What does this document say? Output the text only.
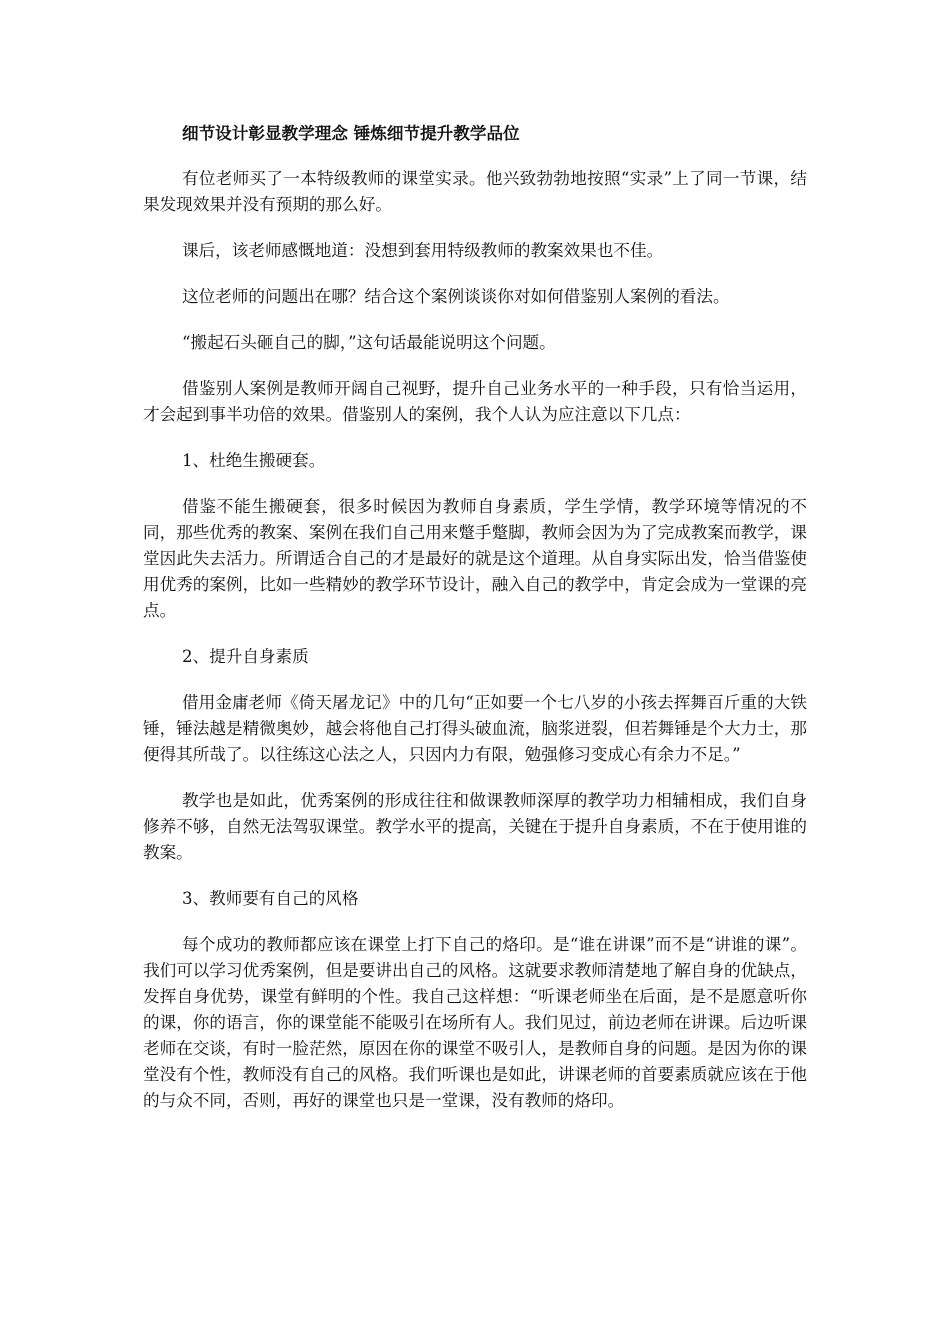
细节设计彰显教学理念 锤炼细节提升教学品位

有位老师买了一本特级教师的课堂实录。他兴致勃勃地按照“实录”上了同一节课，结果发现效果并没有预期的那么好。

课后，该老师感慨地道：没想到套用特级教师的教案效果也不佳。

这位老师的问题出在哪？结合这个案例谈谈你对如何借鉴别人案例的看法。

“搬起石头砸自己的脚，”这句话最能说明这个问题。

借鉴别人案例是教师开阔自己视野，提升自己业务水平的一种手段，只有恰当运用，才会起到事半功倍的效果。借鉴别人的案例，我个人认为应注意以下几点：

1、杜绝生搬硬套。

借鉴不能生搬硬套，很多时候因为教师自身素质，学生学情，教学环境等情况的不同，那些优秀的教案、案例在我们自己用来蹩手蹩脚，教师会因为为了完成教案而教学，课堂因此失去活力。所谓适合自己的才是最好的就是这个道理。从自身实际出发，恰当借鉴使用优秀的案例，比如一些精妙的教学环节设计，融入自己的教学中，肯定会成为一堂课的亮点。

2、提升自身素质

借用金庸老师《倚天屠龙记》中的几句“正如要一个七八岁的小孩去挥舞百斤重的大铁锤，锤法越是精微奥妙，越会将他自己打得头破血流，脑浆迸裂，但若舞锤是个大力士，那便得其所哉了。以往练这心法之人，只因内力有限，勉强修习变成心有余力不足。”

教学也是如此，优秀案例的形成往往和做课教师深厚的教学功力相辅相成，我们自身修养不够，自然无法驾驭课堂。教学水平的提高，关键在于提升自身素质，不在于使用谁的教案。

3、教师要有自己的风格

每个成功的教师都应该在课堂上打下自己的烙印。是“谁在讲课”而不是“讲谁的课”。我们可以学习优秀案例，但是要讲出自己的风格。这就要求教师清楚地了解自身的优缺点，发挥自身优势，课堂有鲜明的个性。我自己这样想：“听课老师坐在后面，是不是愿意听你的课，你的语言，你的课堂能不能吸引在场所有人。我们见过，前边老师在讲课。后边听课老师在交谈，有时一脸茫然，原因在你的课堂不吸引人，是教师自身的问题。是因为你的课堂没有个性，教师没有自己的风格。我们听课也是如此，讲课老师的首要素质就应该在于他的与众不同，否则，再好的课堂也只是一堂课，没有教师的烙印。
